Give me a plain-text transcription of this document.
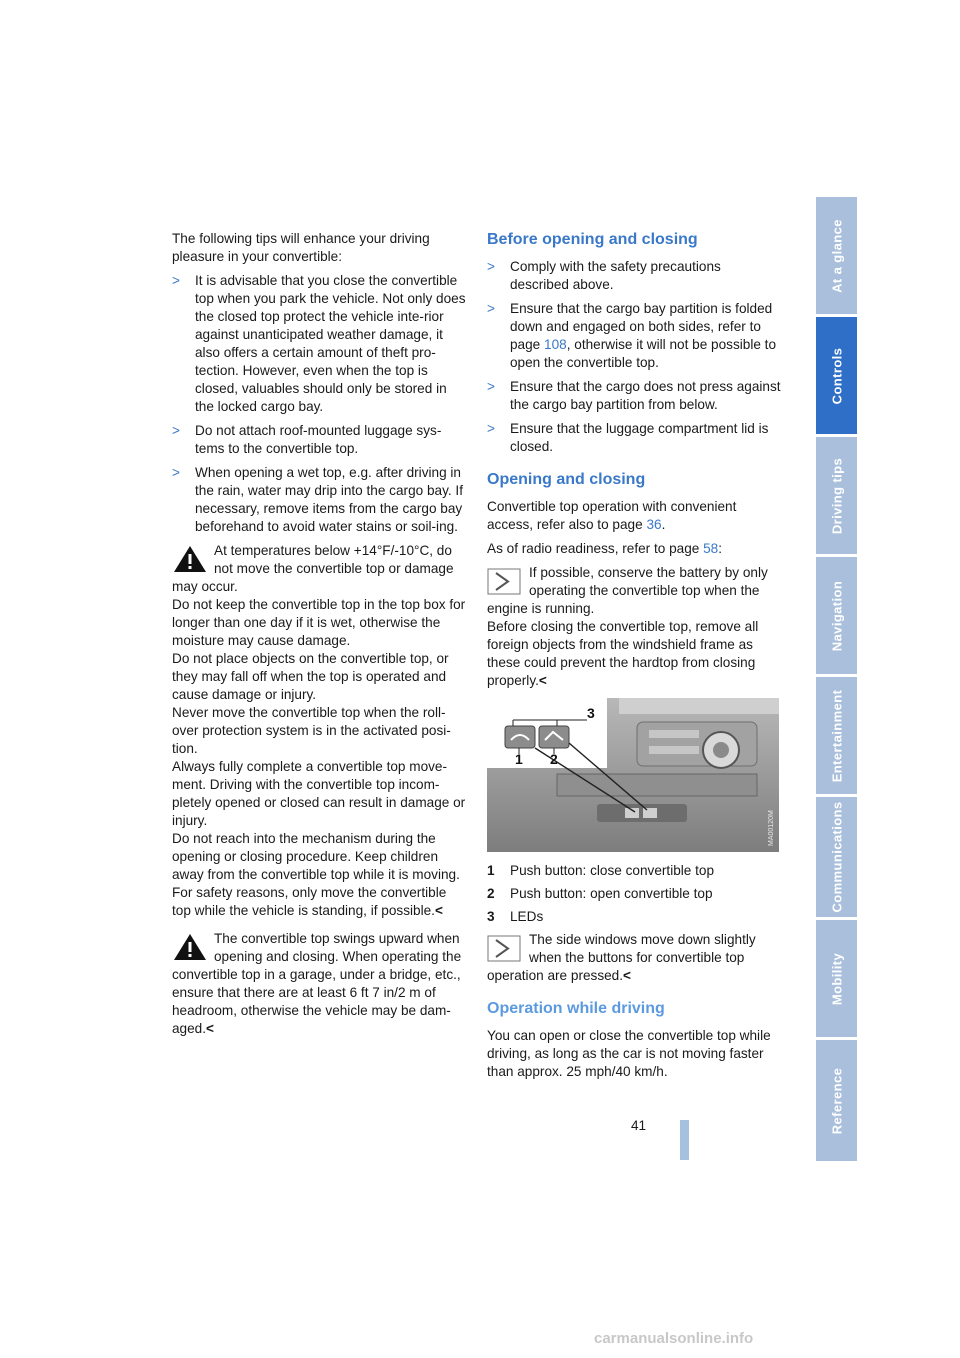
The following tips will enhance your driving pleasure in your convertible:

> It is advisable that you close the convertible top when you park the vehicle. Not only does the closed top protect the vehicle inte-rior against unanticipated weather damage, it also offers a certain amount of theft pro-tection. However, even when the top is closed, valuables should only be stored in the locked cargo bay.
> Do not attach roof-mounted luggage sys-tems to the convertible top.
> When opening a wet top, e.g. after driving in the rain, water may drip into the cargo bay. If necessary, remove items from the cargo bay beforehand to avoid water stains or soil-ing.
At temperatures below +14°F/-10°C, do not move the convertible top or damage may occur.
Do not keep the convertible top in the top box for longer than one day if it is wet, otherwise the moisture may cause damage.
Do not place objects on the convertible top, or they may fall off when the top is operated and cause damage or injury.
Never move the convertible top when the roll-over protection system is in the activated posi-tion.
Always fully complete a convertible top move-ment. Driving with the convertible top incom-pletely opened or closed can result in damage or injury.
Do not reach into the mechanism during the opening or closing procedure. Keep children away from the convertible top while it is moving.
For safety reasons, only move the convertible top while the vehicle is standing, if possible.<
The convertible top swings upward when opening and closing. When operating the convertible top in a garage, under a bridge, etc., ensure that there are at least 6 ft 7 in/2 m of headroom, otherwise the vehicle may be dam-aged.<
Before opening and closing
> Comply with the safety precautions described above.
> Ensure that the cargo bay partition is folded down and engaged on both sides, refer to page 108, otherwise it will not be possible to open the convertible top.
> Ensure that the cargo does not press against the cargo bay partition from below.
> Ensure that the luggage compartment lid is closed.
Opening and closing

Convertible top operation with convenient access, refer also to page 36.

As of radio readiness, refer to page 58:

If possible, conserve the battery by only operating the convertible top when the engine is running.
Before closing the convertible top, remove all foreign objects from the windshield frame as these could prevent the hardtop from closing properly.<
3
1 2
MA00120M
1 Push button: close convertible top
2 Push button: open convertible top
3 LEDs
The side windows move down slightly when the buttons for convertible top operation are pressed.<
Operation while driving

You can open or close the convertible top while driving, as long as the car is not moving faster than approx. 25 mph/40 km/h.

41
At a glance
Controls
Driving tips
Navigation
Entertainment
Communications
Mobility
Reference
carmanualsonline.info
